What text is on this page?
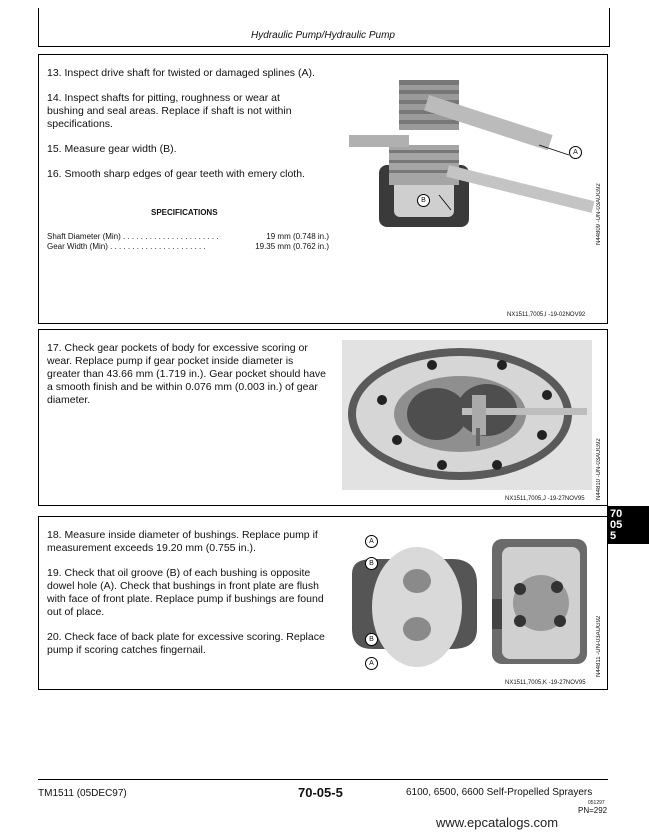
Hydraulic Pump/Hydraulic Pump

13. Inspect drive shaft for twisted or damaged splines (A).

14. Inspect shafts for pitting, roughness or wear at bushing and seal areas. Replace if shaft is not within specifications.

15. Measure gear width (B).

16. Smooth sharp edges of gear teeth with emery cloth.

SPECIFICATIONS
Shaft Diameter (Min) . . . . . . . . . . . . . . . . . . . . . .	19 mm (0.748 in.)
Gear Width (Min) . . . . . . . . . . . . . . . . . . . . . .	19.35 mm (0.762 in.)
A
B	N44809 -UN-03AUG92
NX1511,7005,I -19-02NOV92

17. Check gear pockets of body for excessive scoring or wear. Replace pump if gear pocket inside diameter is greater than 43.66 mm (1.719 in.). Gear pocket should have a smooth finish and be within 0.076 mm (0.003 in.) of gear diameter.

N44810 -UN-03AUG92
NX1511,7005,J -19-27NOV95

18. Measure inside diameter of bushings. Replace pump if measurement exceeds 19.20 mm (0.755 in.).

19. Check that oil groove (B) of each bushing is opposite dowel hole (A). Check that bushings in front plate are flush with face of front plate. Replace pump if bushings are found out of place.

20. Check face of back plate for excessive scoring. Replace pump if scoring catches fingernail.

A
B
B
A	N44811 -UN-03AUG92
NX1511,7005,K -19-27NOV95
70
05
5
TM1511 (05DEC97)	70-05-5	6100, 6500, 6600 Self-Propelled Sprayers
051297
PN=292
www.epcatalogs.com
